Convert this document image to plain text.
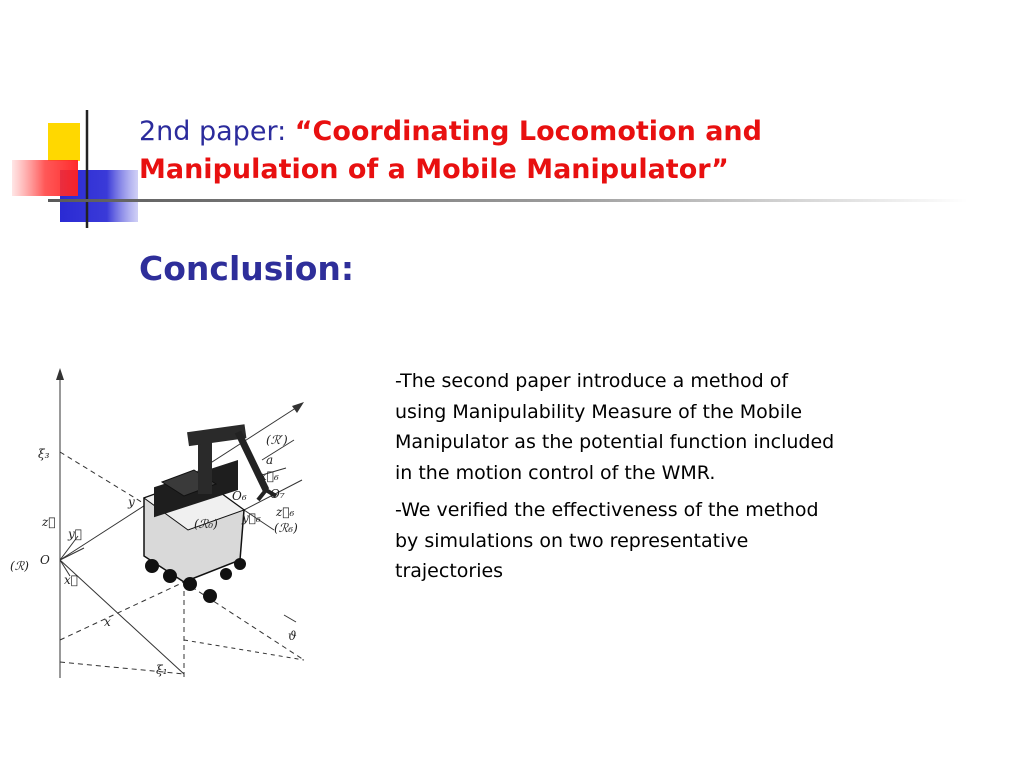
2nd paper: “Coordinating Locomotion and
Manipulation of a Mobile Manipulator”
Conclusion:
ξ₃
ξ₁
z⃗
y⃗
x⃗
O
(ℛ)
y
x
(ℛ′)
a
x⃗₆
O₆ O₇
z⃗₆
y⃗₆
(ℛ₆)
(ℛ₀)
ϑ

-The second paper introduce a method of using Manipulability Measure of the Mobile Manipulator as the potential function included in the motion control of the WMR.

-We verified the effectiveness of the method by simulations on two representative trajectories
